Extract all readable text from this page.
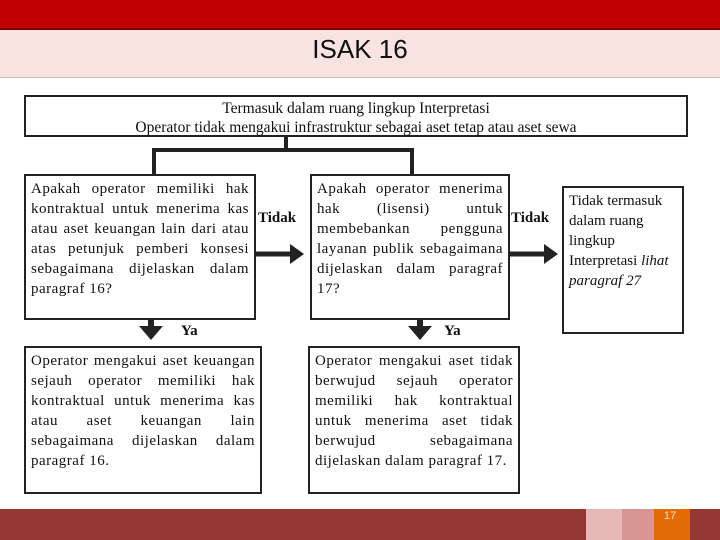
ISAK 16
Termasuk dalam ruang lingkup Interpretasi
Operator tidak mengakui infrastruktur sebagai aset tetap atau aset sewa
Apakah operator memiliki hak kontraktual untuk menerima kas atau aset keuangan lain dari atau atas petunjuk pemberi konsesi sebagaimana dijelaskan dalam paragraf 16?
Tidak
Apakah operator menerima hak (lisensi) untuk membebankan pengguna layanan publik sebagaimana dijelaskan dalam paragraf 17?
Tidak
Tidak termasuk dalam ruang lingkup Interpretasi lihat paragraf 27
Ya	Ya
Operator mengakui aset keuangan sejauh operator memiliki hak kontraktual untuk menerima kas atau aset keuangan lain sebagaimana dijelaskan dalam paragraf 16.
Operator mengakui aset tidak berwujud sejauh operator memiliki hak kontraktual untuk menerima aset tidak berwujud sebagaimana dijelaskan dalam paragraf 17.
17
